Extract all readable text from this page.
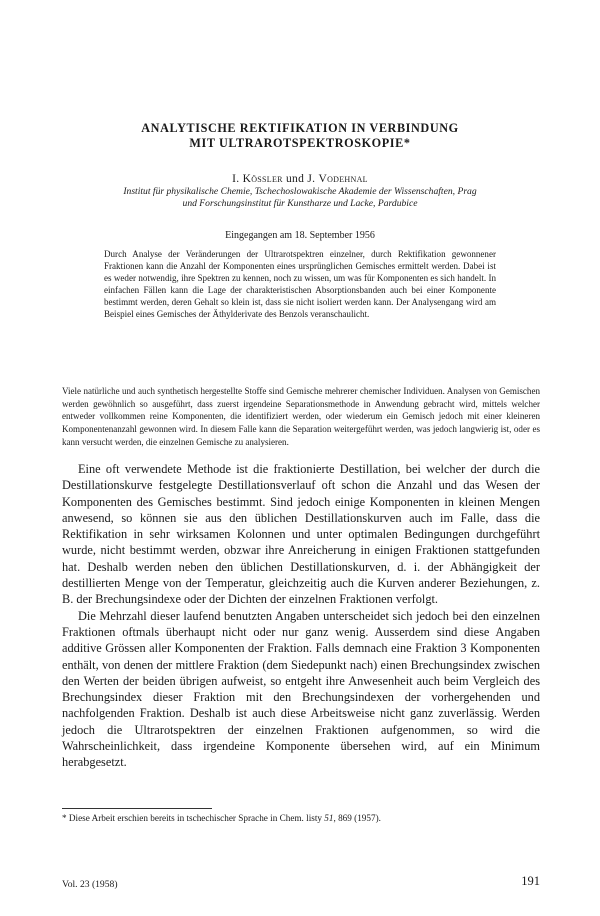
ANALYTISCHE REKTIFIKATION IN VERBINDUNG
MIT ULTRAROTSPEKTROSKOPIE*
I. Kössler und J. Vodehnal
Institut für physikalische Chemie, Tschechoslowakische Akademie der Wissenschaften, Prag
und Forschungsinstitut für Kunstharze und Lacke, Pardubice
Eingegangen am 18. September 1956
Durch Analyse der Veränderungen der Ultrarotspektren einzelner, durch Rektifikation gewonnener Fraktionen kann die Anzahl der Komponenten eines ursprünglichen Gemisches ermittelt werden. Dabei ist es weder notwendig, ihre Spektren zu kennen, noch zu wissen, um was für Komponenten es sich handelt. In einfachen Fällen kann die Lage der charakteristischen Absorptionsbanden auch bei einer Komponente bestimmt werden, deren Gehalt so klein ist, dass sie nicht isoliert werden kann. Der Analysengang wird am Beispiel eines Gemisches der Äthylderivate des Benzols veranschaulicht.
Viele natürliche und auch synthetisch hergestellte Stoffe sind Gemische mehrerer chemischer Individuen. Analysen von Gemischen werden gewöhnlich so ausgeführt, dass zuerst irgendeine Separationsmethode in Anwendung gebracht wird, mittels welcher entweder vollkommen reine Komponenten, die identifiziert werden, oder wiederum ein Gemisch jedoch mit einer kleineren Komponentenanzahl gewonnen wird. In diesem Falle kann die Separation weitergeführt werden, was jedoch langwierig ist, oder es kann versucht werden, die einzelnen Gemische zu analysieren.

Eine oft verwendete Methode ist die fraktionierte Destillation, bei welcher der durch die Destillationskurve festgelegte Destillationsverlauf oft schon die Anzahl und das Wesen der Komponenten des Gemisches bestimmt. Sind jedoch einige Komponenten in kleinen Mengen anwesend, so können sie aus den üblichen Destillationskurven auch im Falle, dass die Rektifikation in sehr wirksamen Kolonnen und unter optimalen Bedingungen durchgeführt wurde, nicht bestimmt werden, obzwar ihre Anreicherung in einigen Fraktionen stattgefunden hat. Deshalb werden neben den üblichen Destillationskurven, d. i. der Abhängigkeit der destillierten Menge von der Temperatur, gleichzeitig auch die Kurven anderer Beziehungen, z. B. der Brechungsindexe oder der Dichten der einzelnen Fraktionen verfolgt.

Die Mehrzahl dieser laufend benutzten Angaben unterscheidet sich jedoch bei den einzelnen Fraktionen oftmals überhaupt nicht oder nur ganz wenig. Ausserdem sind diese Angaben additive Grössen aller Komponenten der Fraktion. Falls demnach eine Fraktion 3 Komponenten enthält, von denen der mittlere Fraktion (dem Siedepunkt nach) einen Brechungsindex zwischen den Werten der beiden übrigen aufweist, so entgeht ihre Anwesenheit auch beim Vergleich des Brechungsindex dieser Fraktion mit den Brechungsindexen der vorhergehenden und nachfolgenden Fraktion. Deshalb ist auch diese Arbeitsweise nicht ganz zuverlässig. Werden jedoch die Ultrarotspektren der einzelnen Fraktionen aufgenommen, so wird die Wahrscheinlichkeit, dass irgendeine Komponente übersehen wird, auf ein Minimum herabgesetzt.

* Diese Arbeit erschien bereits in tschechischer Sprache in Chem. listy 51, 869 (1957).
Vol. 23 (1958)	191
